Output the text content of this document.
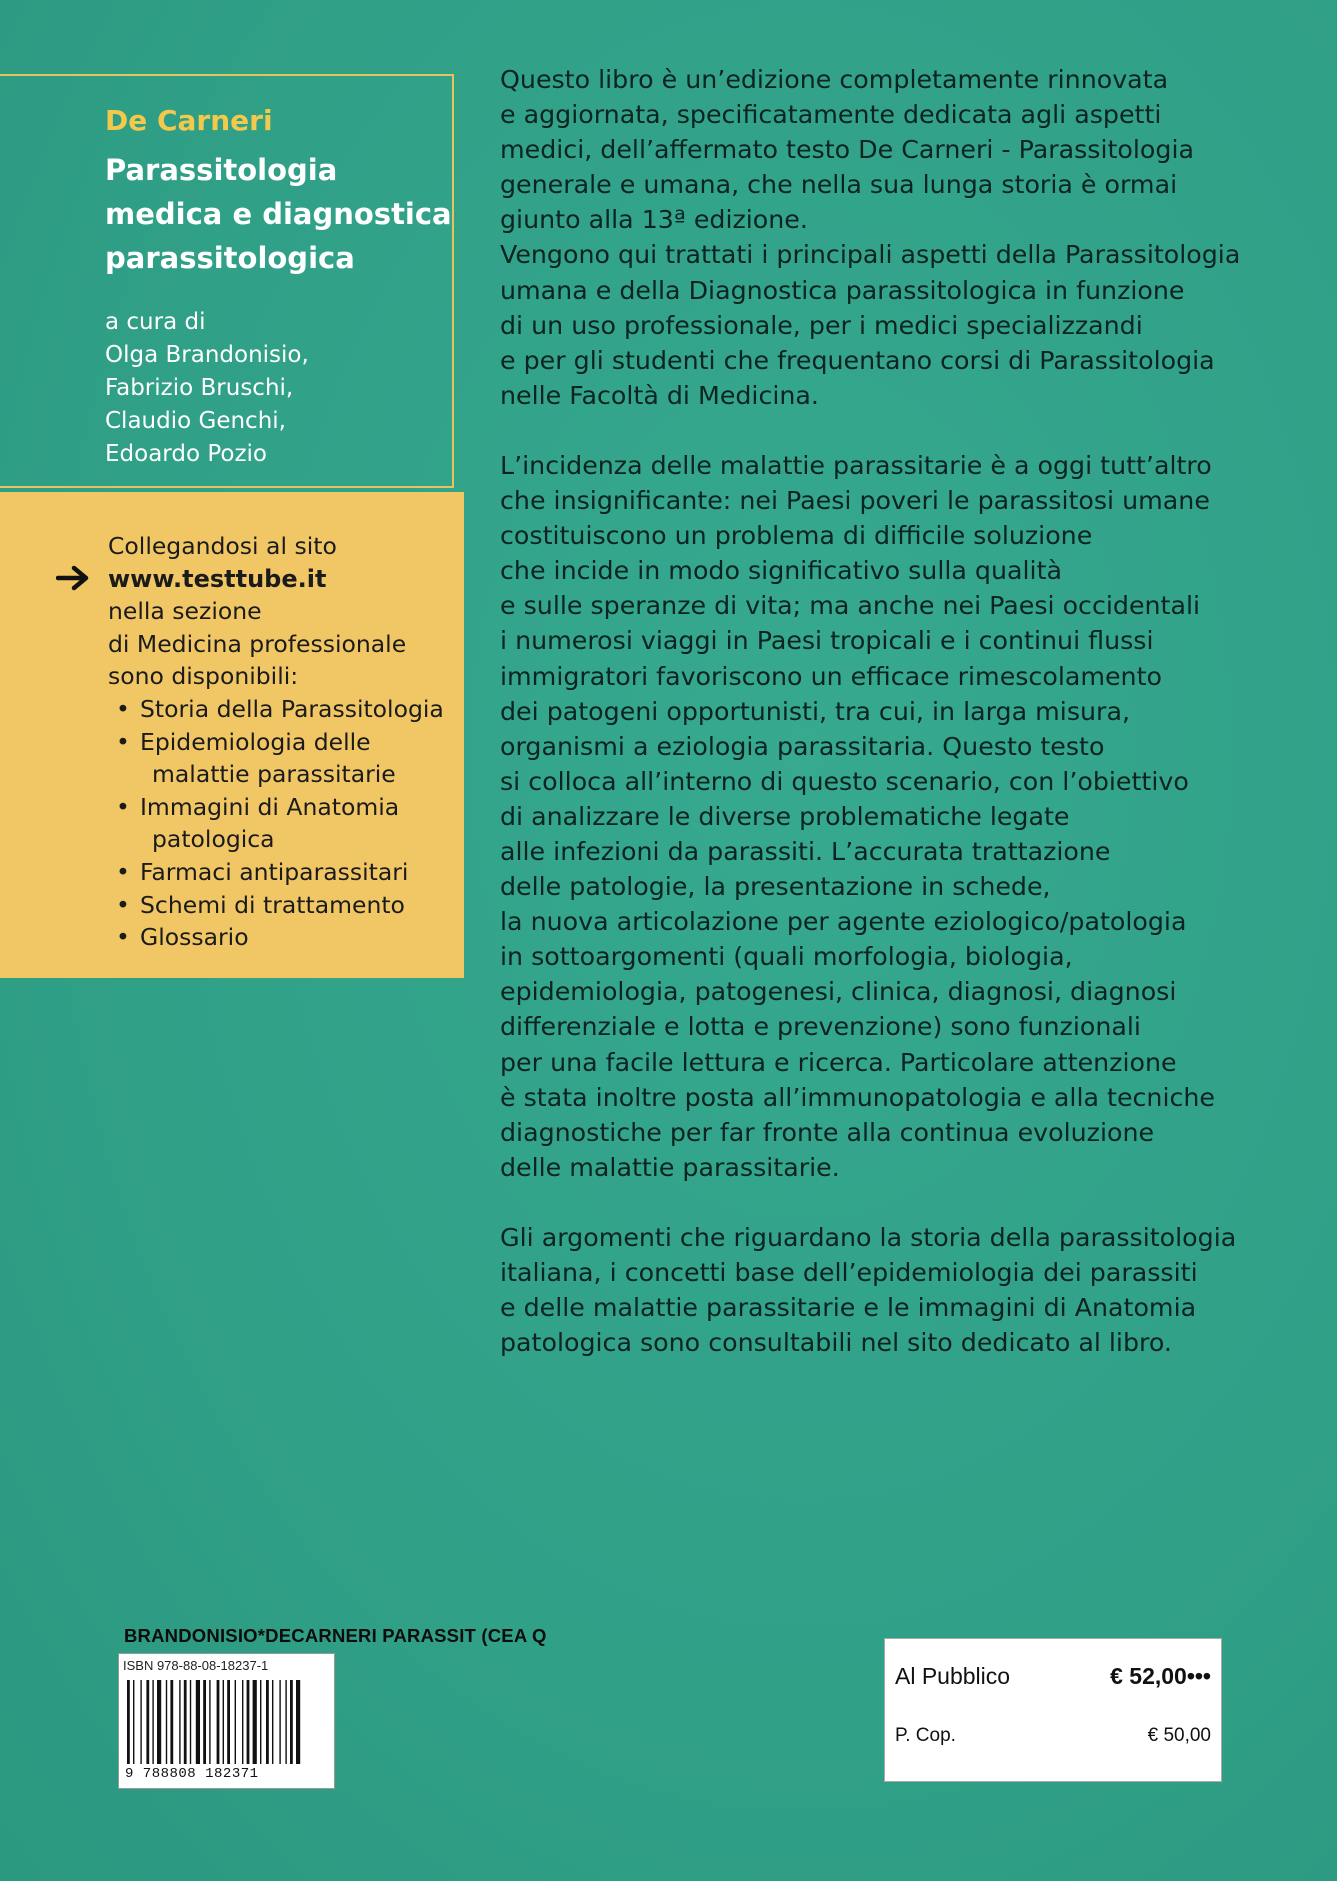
De Carneri
Parassitologia
medica e diagnostica
parassitologica
a cura di
Olga Brandonisio,
Fabrizio Bruschi,
Claudio Genchi,
Edoardo Pozio
Collegandosi al sito
www.testtube.it
nella sezione
di Medicina professionale
sono disponibili:
• Storia della Parassitologia
• Epidemiologia delle
malattie parassitarie
• Immagini di Anatomia
patologica
• Farmaci antiparassitari
• Schemi di trattamento
• Glossario
Questo libro è un’edizione completamente rinnovata
e aggiornata, specificatamente dedicata agli aspetti
medici, dell’affermato testo De Carneri - Parassitologia
generale e umana, che nella sua lunga storia è ormai
giunto alla 13ª edizione.
Vengono qui trattati i principali aspetti della Parassitologia
umana e della Diagnostica parassitologica in funzione
di un uso professionale, per i medici specializzandi
e per gli studenti che frequentano corsi di Parassitologia
nelle Facoltà di Medicina.
L’incidenza delle malattie parassitarie è a oggi tutt’altro
che insignificante: nei Paesi poveri le parassitosi umane
costituiscono un problema di difficile soluzione
che incide in modo significativo sulla qualità
e sulle speranze di vita; ma anche nei Paesi occidentali
i numerosi viaggi in Paesi tropicali e i continui flussi
immigratori favoriscono un efficace rimescolamento
dei patogeni opportunisti, tra cui, in larga misura,
organismi a eziologia parassitaria. Questo testo
si colloca all’interno di questo scenario, con l’obiettivo
di analizzare le diverse problematiche legate
alle infezioni da parassiti. L’accurata trattazione
delle patologie, la presentazione in schede,
la nuova articolazione per agente eziologico/patologia
in sottoargomenti (quali morfologia, biologia,
epidemiologia, patogenesi, clinica, diagnosi, diagnosi
differenziale e lotta e prevenzione) sono funzionali
per una facile lettura e ricerca. Particolare attenzione
è stata inoltre posta all’immunopatologia e alla tecniche
diagnostiche per far fronte alla continua evoluzione
delle malattie parassitarie.
Gli argomenti che riguardano la storia della parassitologia
italiana, i concetti base dell’epidemiologia dei parassiti
e delle malattie parassitarie e le immagini di Anatomia
patologica sono consultabili nel sito dedicato al libro.
BRANDONISIO*DECARNERI PARASSIT (CEA Q
ISBN 978-88-08-18237-1
9 788808 182371
Al Pubblico	€ 52,00•••
P. Cop.	€ 50,00
